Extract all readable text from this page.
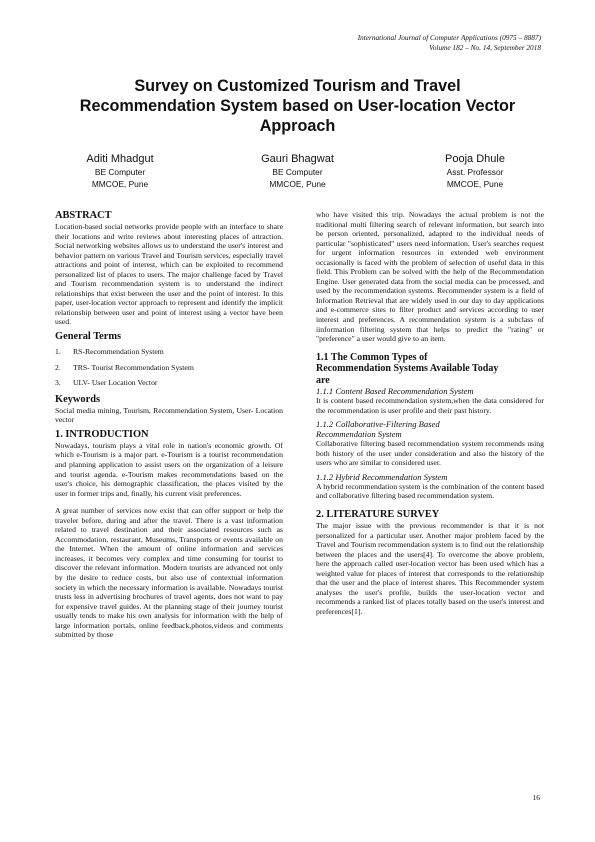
International Journal of Computer Applications (0975 – 8887)
Volume 182 – No. 14, September 2018
Survey on Customized Tourism and Travel
Recommendation System based on User-location Vector
Approach
Aditi Mhadgut
BE Computer
MMCOE, Pune
Gauri Bhagwat
BE Computer
MMCOE, Pune
Pooja Dhule
Asst. Professor
MMCOE, Pune
ABSTRACT

Location-based social networks provide people with an interface to share their locations and write reviews about interesting places of attraction. Social networking websites allows us to understand the user's interest and behavior pattern on various Travel and Tourism services, especially travel attractions and point of interest, which can be exploited to recommend personalized list of places to users. The major challenge faced by Travel and Tourism recommendation system is to understand the indirect relationships that exist between the user and the point of interest. In this paper, user-location vector approach to represent and identify the implicit relationship between user and point of interest using a vector have been used.

General Terms
1.	RS-Recommendation System
2.	TRS- Tourist Recommendation System
3.	ULV- User Location Vector
Keywords

Social media mining, Tourism, Recommendation System, User- Location vector

1. INTRODUCTION

Nowadays, tourism plays a vital role in nation's economic growth. Of which e-Tourism is a major part. e-Tourism is a tourist recommendation and planning application to assist users on the organization of a leisure and tourist agenda. e-Tourism makes recommendations based on the user's choice, his demographic classification, the places visited by the user in former trips and, finally, his current visit preferences.

A great number of services now exist that can offer support or help the traveler before, during and after the travel. There is a vast information related to travel destination and their associated resources such as Accommodation, restaurant, Museums, Transports or events available on the Internet. When the amount of online information and services increases, it becomes very complex and time consuming for tourist to discover the relevant information. Modern tourists are advanced not only by the desire to reduce costs, but also use of contextual information society in which the necessary information is available. Nowadays tourist trusts less in advertising brochures of travel agents, does not want to pay for expensive travel guides. At the planning stage of their journey tourist usually tends to make his own analysis for information with the help of large information portals, online feedback,photos,videos and comments submitted by those

who have visited this trip. Nowadays the actual problem is not the traditional multi filtering search of relevant information, but search into be person oriented, personalized, adapted to the individual needs of particular "sophisticated" users need information. User's searches request for urgent information resources in extended web environment occasionally is faced with the problem of selection of useful data in this field. This Problem can be solved with the help of the Recommendation Engine. User generated data from the social media can be processed, and used by the recommendation systems. Recommender system is a field of Information Retrieval that are widely used in our day to day applications and e-commerce sites to filter product and services according to user interest and preferences. A recommendation system is a subclass of iinformation filtering system that helps to predict the "rating" or "preference" a user would give to an item.

1.1 The Common Types of
Recommendation Systems Available Today
are
1.1.1 Content Based Recommendation System

It is content based recommendation system,when the data considered for the recommendation is user profile and their past history.

1.1.2 Collaborative-Filtering Based
Recommendation System

Collaborative filtering based recommendation system recommends using both history of the user under consideration and also the history of the users who are similar to considered user.

1.1.2 Hybrid Recommendation System

A hybrid recommendation system is the combination of the content based and collaborative filtering based recommendation system.

2. LITERATURE SURVEY

The major issue with the previous recommender is that it is not personalized for a particular user. Another major problem faced by the Travel and Tourism recommendation system is to find out the relationship between the places and the users[4]. To overcome the above problem, here the approach called user-location vector has been used which has a weighted value for places of interest that corresponds to the relationship that the user and the place of interest shares. This Recommender system analyses the user's profile, builds the user-location vector and recommends a ranked list of places totally based on the user's interest and preferences[1].

16
